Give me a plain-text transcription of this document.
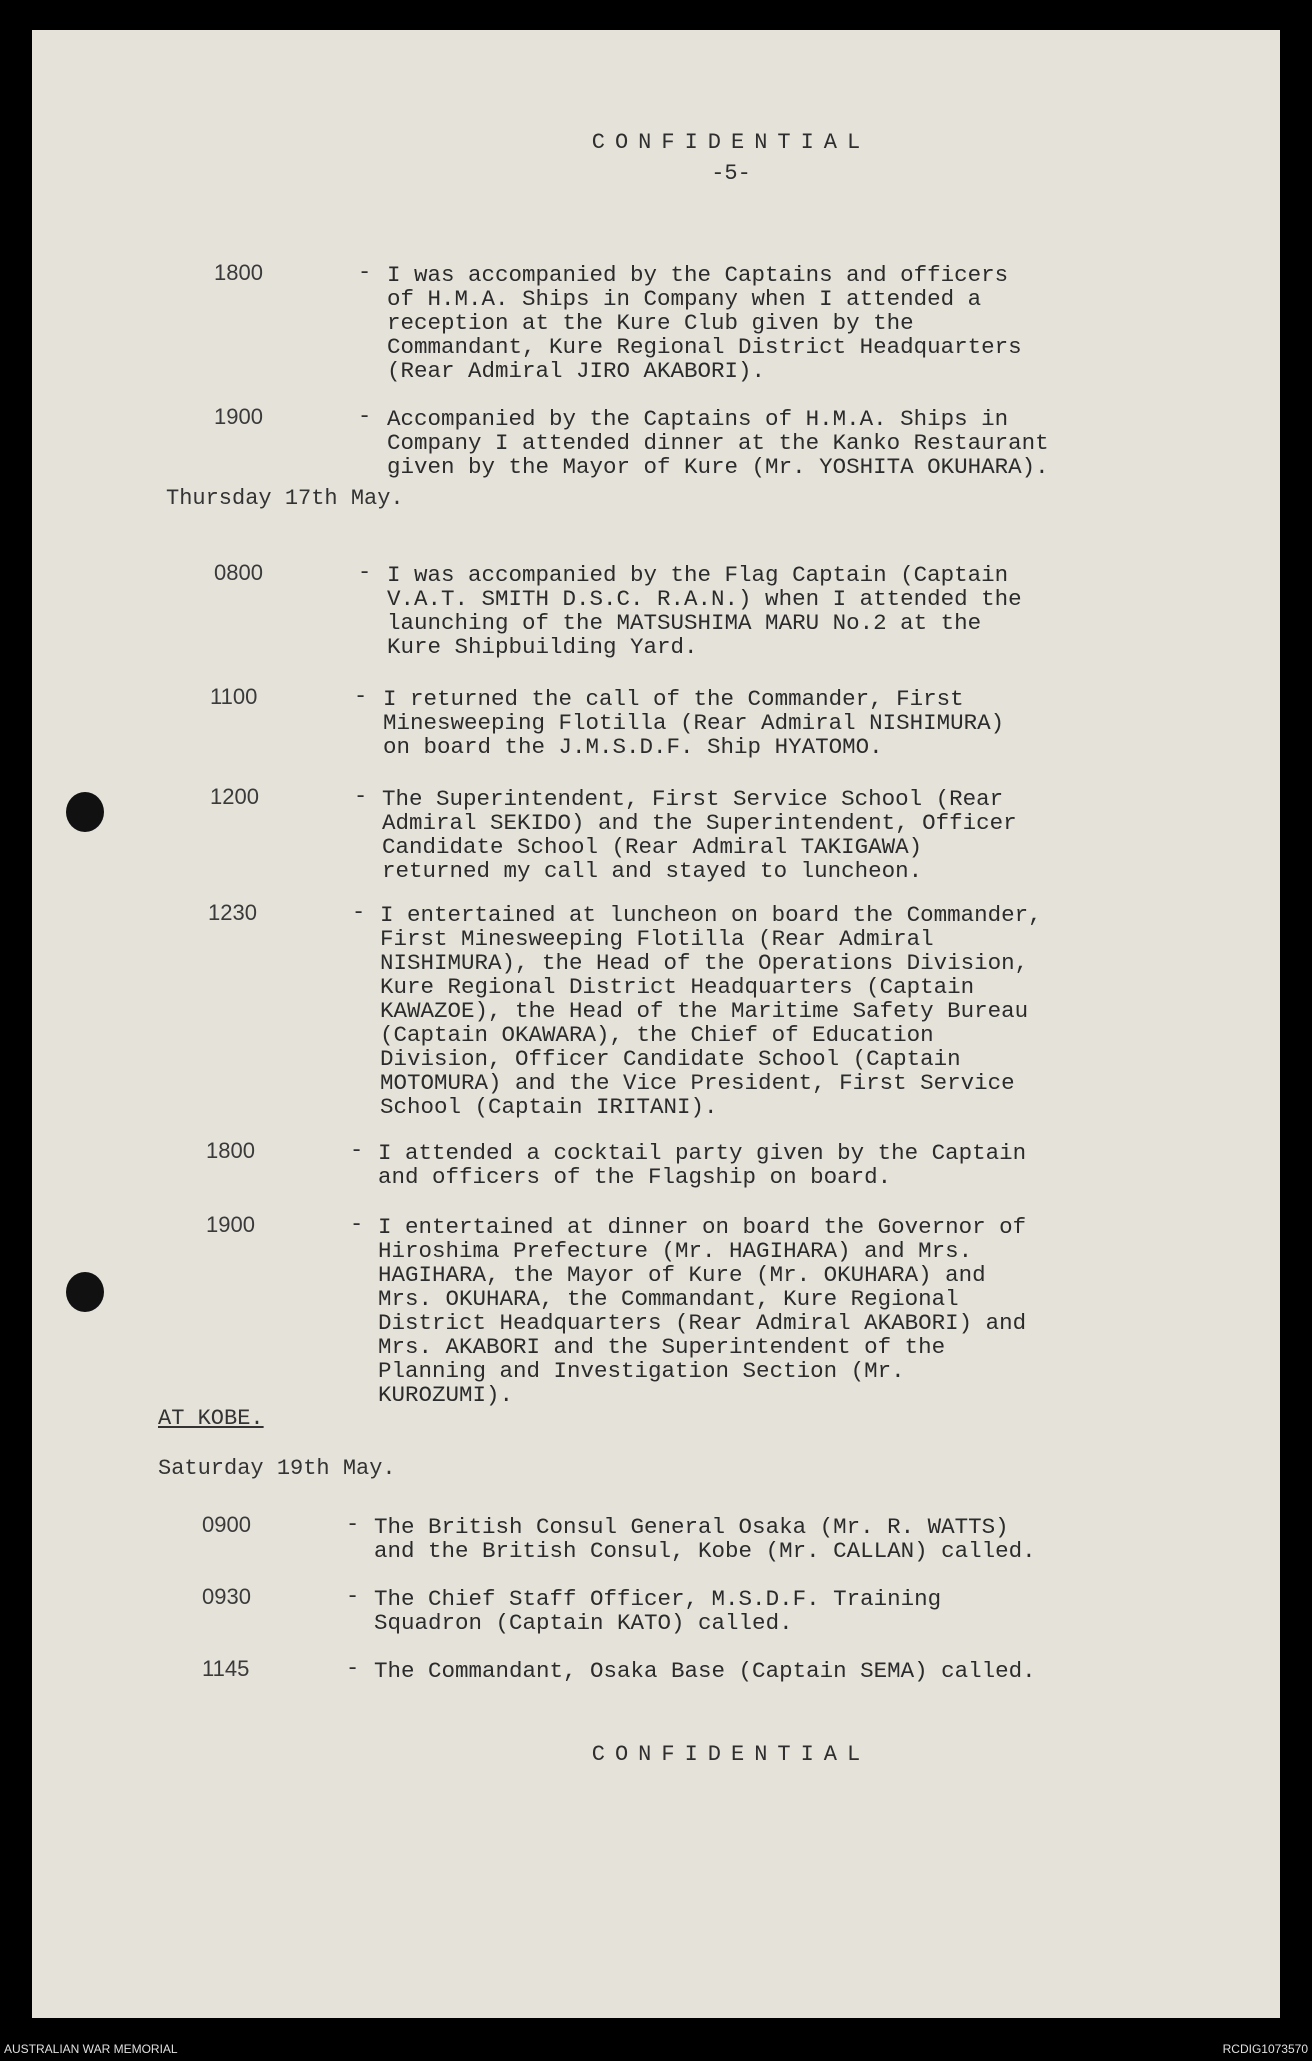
CONFIDENTIAL
-5-
1800	- I was accompanied by the Captains and officers
of H.M.A. Ships in Company when I attended a
reception at the Kure Club given by the
Commandant, Kure Regional District Headquarters
(Rear Admiral JIRO AKABORI).
1900	- Accompanied by the Captains of H.M.A. Ships in
Company I attended dinner at the Kanko Restaurant
given by the Mayor of Kure (Mr. YOSHITA OKUHARA).
Thursday 17th May.
0800	- I was accompanied by the Flag Captain (Captain
V.A.T. SMITH D.S.C. R.A.N.) when I attended the
launching of the MATSUSHIMA MARU No.2 at the
Kure Shipbuilding Yard.
1100	- I returned the call of the Commander, First
Minesweeping Flotilla (Rear Admiral NISHIMURA)
on board the J.M.S.D.F. Ship HYATOMO.
1200	- The Superintendent, First Service School (Rear
Admiral SEKIDO) and the Superintendent, Officer
Candidate School (Rear Admiral TAKIGAWA)
returned my call and stayed to luncheon.
1230	- I entertained at luncheon on board the Commander,
First Minesweeping Flotilla (Rear Admiral
NISHIMURA), the Head of the Operations Division,
Kure Regional District Headquarters (Captain
KAWAZOE), the Head of the Maritime Safety Bureau
(Captain OKAWARA), the Chief of Education
Division, Officer Candidate School (Captain
MOTOMURA) and the Vice President, First Service
School (Captain IRITANI).
1800	- I attended a cocktail party given by the Captain
and officers of the Flagship on board.
1900	- I entertained at dinner on board the Governor of
Hiroshima Prefecture (Mr. HAGIHARA) and Mrs.
HAGIHARA, the Mayor of Kure (Mr. OKUHARA) and
Mrs. OKUHARA, the Commandant, Kure Regional
District Headquarters (Rear Admiral AKABORI) and
Mrs. AKABORI and the Superintendent of the
Planning and Investigation Section (Mr.
KUROZUMI).
AT KOBE.
Saturday 19th May.
0900	- The British Consul General Osaka (Mr. R. WATTS)
and the British Consul, Kobe (Mr. CALLAN) called.
0930	- The Chief Staff Officer, M.S.D.F. Training
Squadron (Captain KATO) called.
1145	- The Commandant, Osaka Base (Captain SEMA) called.
CONFIDENTIAL
AUSTRALIAN WAR MEMORIAL	RCDIG1073570
